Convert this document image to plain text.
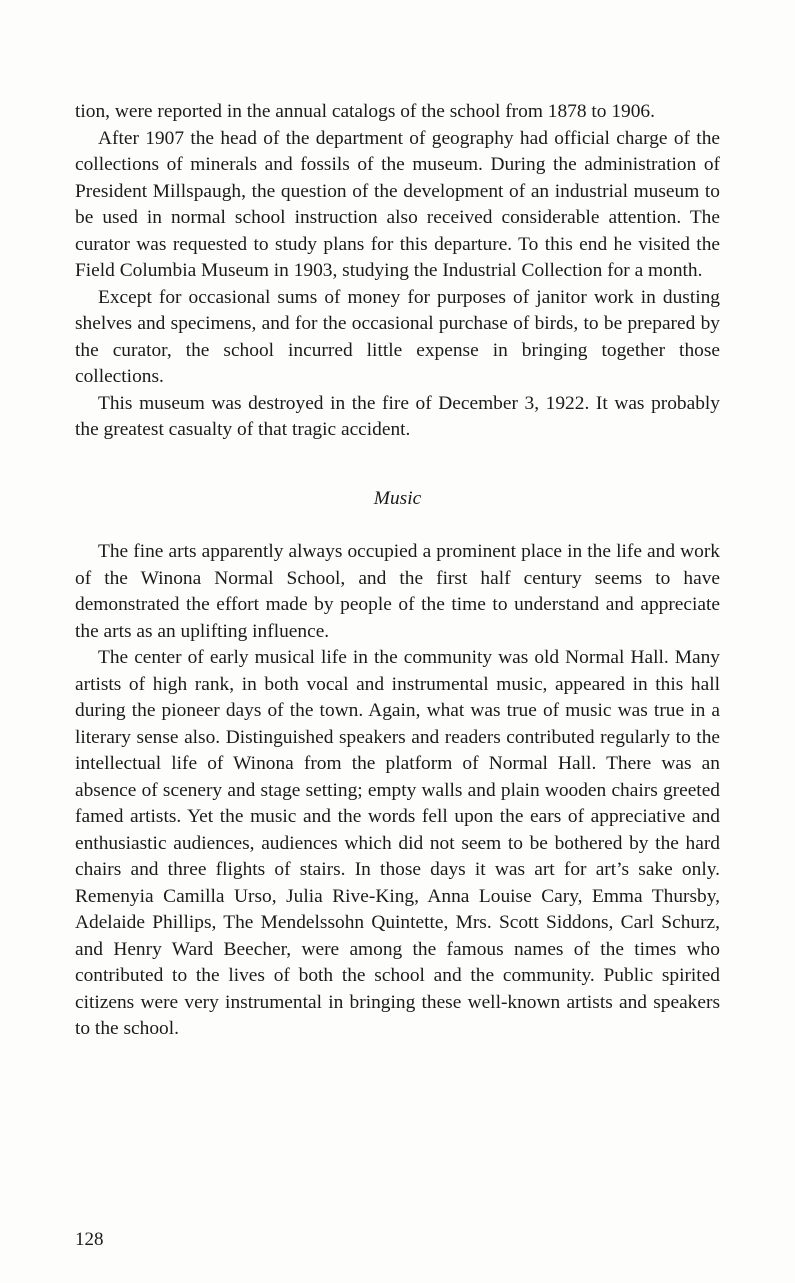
tion, were reported in the annual catalogs of the school from 1878 to 1906.

After 1907 the head of the department of geography had official charge of the collections of minerals and fossils of the museum. During the administration of President Millspaugh, the question of the development of an industrial museum to be used in normal school instruction also received considerable attention. The curator was requested to study plans for this departure. To this end he visited the Field Columbia Museum in 1903, studying the Industrial Collection for a month.

Except for occasional sums of money for purposes of janitor work in dusting shelves and specimens, and for the occasional purchase of birds, to be prepared by the curator, the school incurred little expense in bringing together those collections.

This museum was destroyed in the fire of December 3, 1922. It was probably the greatest casualty of that tragic accident.

Music

The fine arts apparently always occupied a prominent place in the life and work of the Winona Normal School, and the first half century seems to have demonstrated the effort made by people of the time to understand and appreciate the arts as an uplifting influence.

The center of early musical life in the community was old Normal Hall. Many artists of high rank, in both vocal and instrumental music, appeared in this hall during the pioneer days of the town. Again, what was true of music was true in a literary sense also. Distinguished speakers and readers contributed regularly to the intellectual life of Winona from the platform of Normal Hall. There was an absence of scenery and stage setting; empty walls and plain wooden chairs greeted famed artists. Yet the music and the words fell upon the ears of appreciative and enthusiastic audiences, audiences which did not seem to be bothered by the hard chairs and three flights of stairs. In those days it was art for art’s sake only. Remenyia Camilla Urso, Julia Rive-King, Anna Louise Cary, Emma Thursby, Adelaide Phillips, The Mendelssohn Quintette, Mrs. Scott Siddons, Carl Schurz, and Henry Ward Beecher, were among the famous names of the times who contributed to the lives of both the school and the community. Public spirited citizens were very instrumental in bringing these well-known artists and speakers to the school.

128
